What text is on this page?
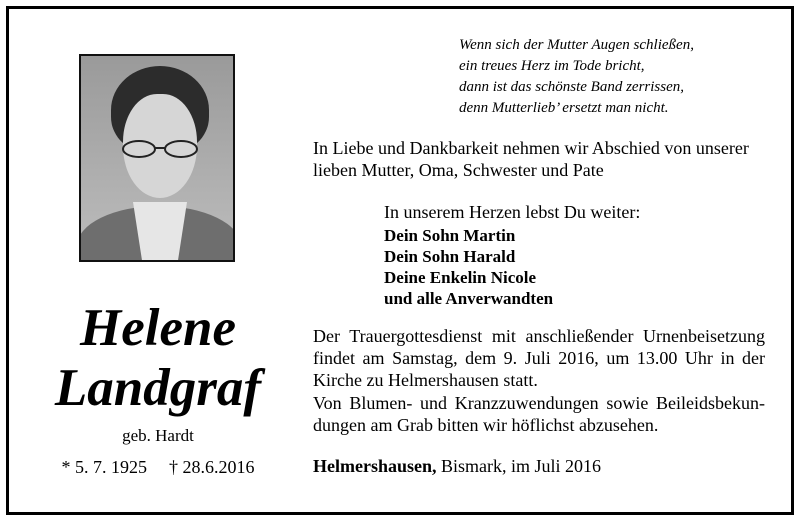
Helene
Landgraf
geb. Hardt
* 5. 7. 1925 † 28.6.2016
Wenn sich der Mutter Augen schließen,
ein treues Herz im Tode bricht,
dann ist das schönste Band zerrissen,
denn Mutterlieb’ ersetzt man nicht.
In Liebe und Dankbarkeit nehmen wir Abschied von unserer lieben Mutter, Oma, Schwester und Pate
In unserem Herzen lebst Du weiter:
Dein Sohn Martin
Dein Sohn Harald
Deine Enkelin Nicole
und alle Anverwandten
Der Trauergottesdienst mit anschließender Urnenbeisetzung findet am Samstag, dem 9. Juli 2016, um 13.00 Uhr in der Kirche zu Helmershausen statt.
Von Blumen- und Kranzzuwendungen sowie Beileidsbekundungen am Grab bitten wir höflichst abzusehen.
Helmershausen, Bismark, im Juli 2016
